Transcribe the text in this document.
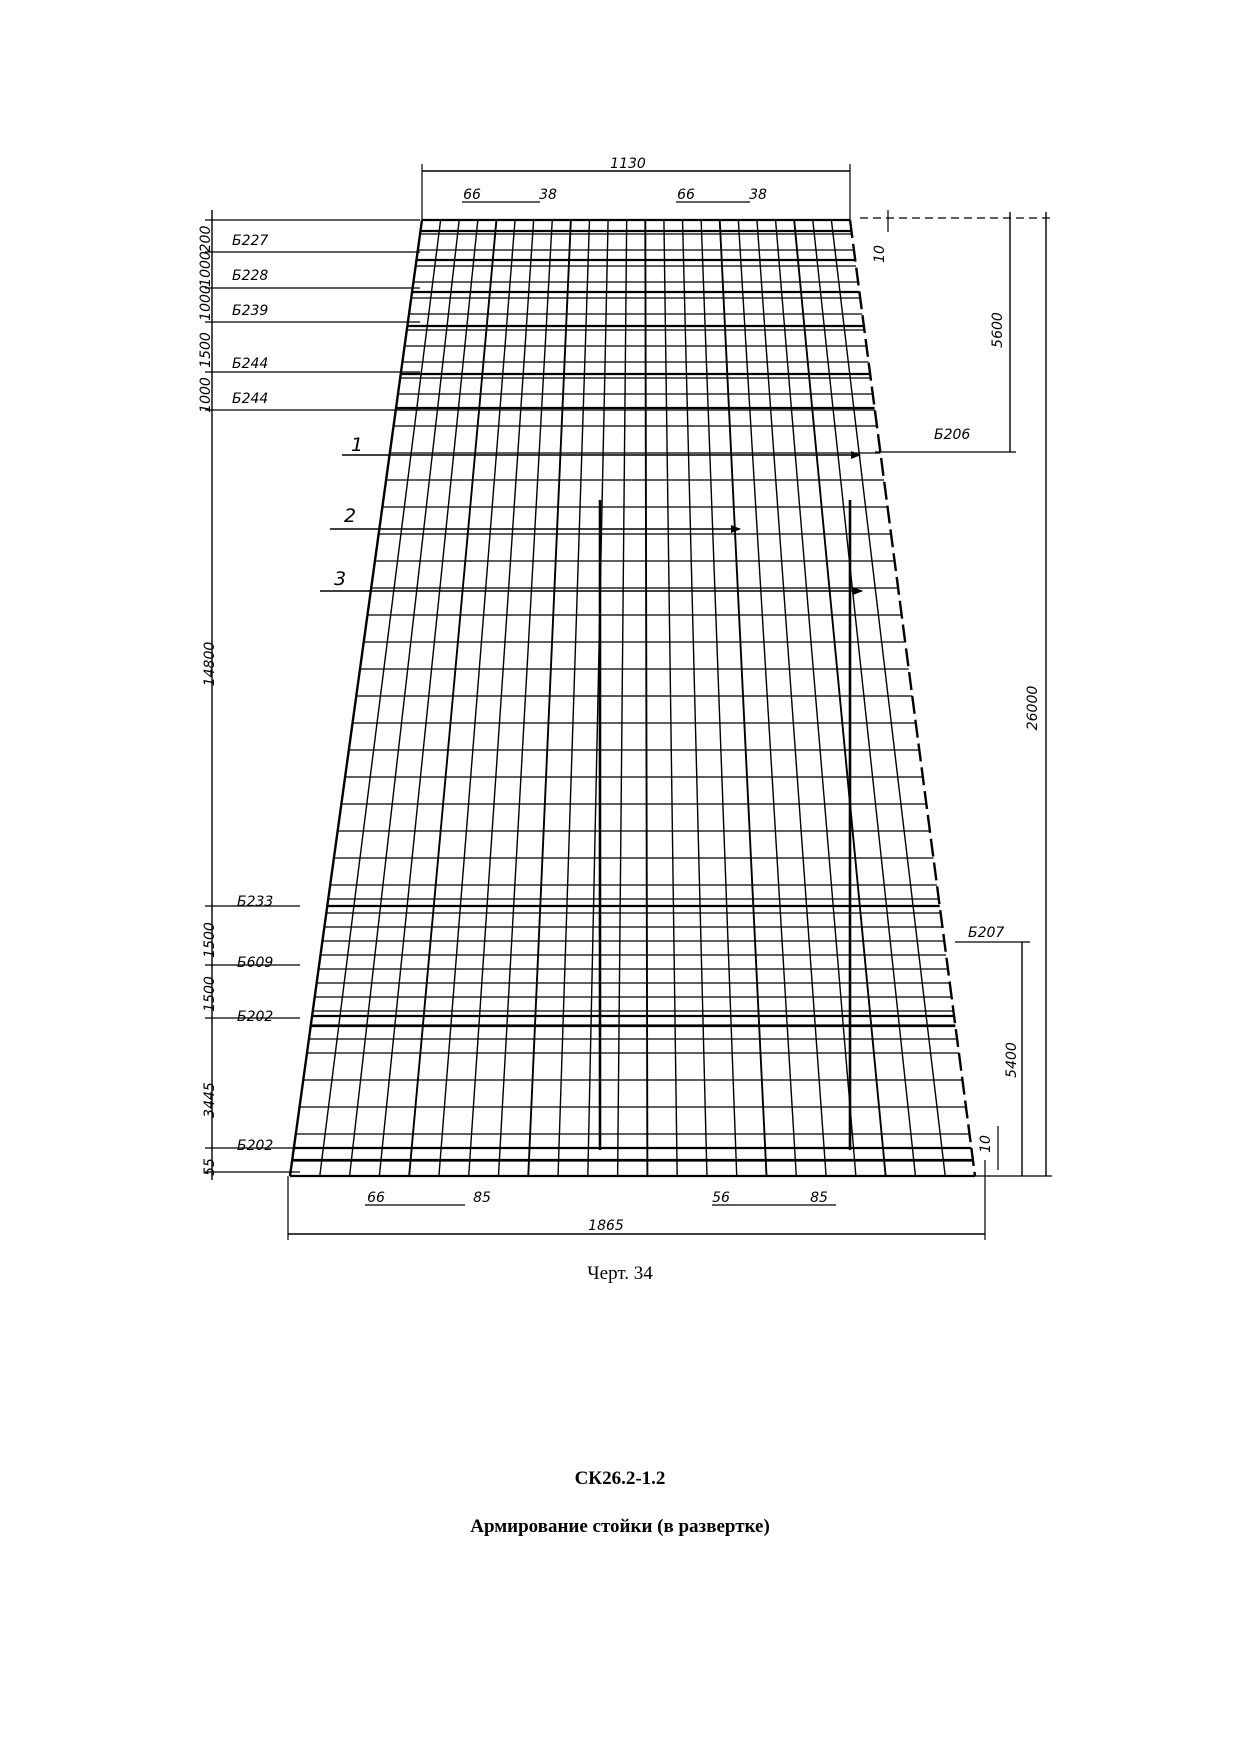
1130
66	38	66	38
1865
66	85	56	85
Б227
Б228
Б239
Б244
Б244
Б233
Б609
Б202
Б202
200
1000
1000
1500
1000
14800
1500
1500
3445
55
10
5600
26000
5400
10
Б206
Б207
1
2
3
Черт. 34
СК26.2-1.2
Армирование стойки (в развертке)
